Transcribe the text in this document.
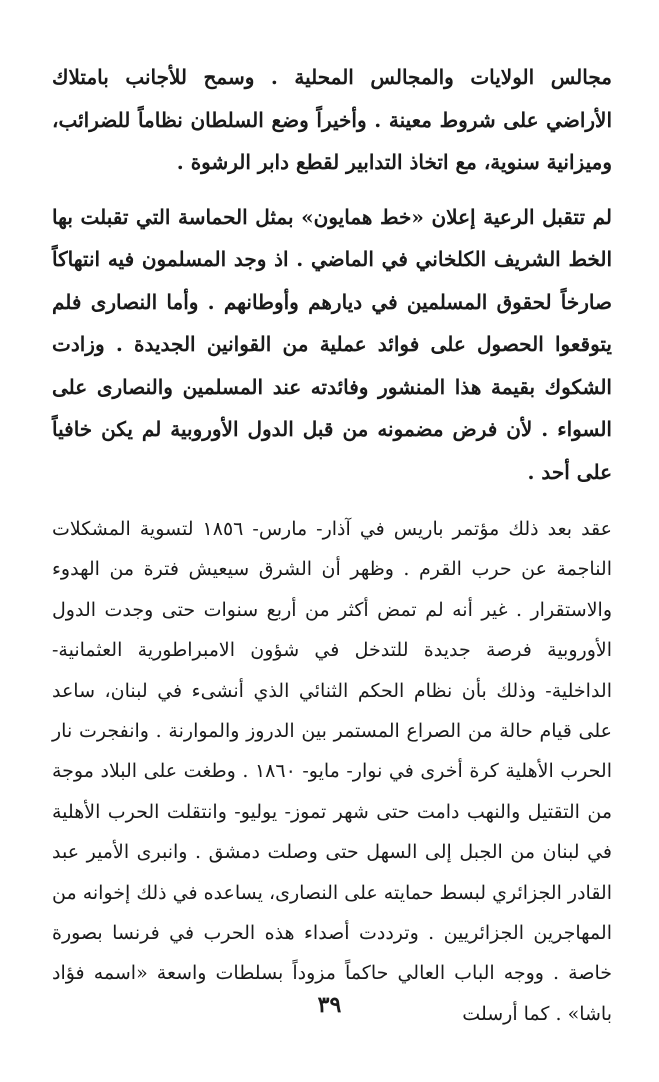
مجالس الولايات والمجالس المحلية . وسمح للأجانب بامتلاك الأراضي على شروط معينة . وأخيراً وضع السلطان نظاماً للضرائب، وميزانية سنوية، مع اتخاذ التدابير لقطع دابر الرشوة .

لم تتقبل الرعية إعلان «خط همايون» بمثل الحماسة التي تقبلت بها الخط الشريف الكلخاني في الماضي . اذ وجد المسلمون فيه انتهاكاً صارخاً لحقوق المسلمين في ديارهم وأوطانهم . وأما النصارى فلم يتوقعوا الحصول على فوائد عملية من القوانين الجديدة . وزادت الشكوك بقيمة هذا المنشور وفائدته عند المسلمين والنصارى على السواء . لأن فرض مضمونه من قبل الدول الأوروبية لم يكن خافياً على أحد .

عقد بعد ذلك مؤتمر باريس في آذار- مارس- ١٨٥٦ لتسوية المشكلات الناجمة عن حرب القرم . وظهر أن الشرق سيعيش فترة من الهدوء والاستقرار . غير أنه لم تمض أكثر من أربع سنوات حتى وجدت الدول الأوروبية فرصة جديدة للتدخل في شؤون الامبراطورية العثمانية- الداخلية- وذلك بأن نظام الحكم الثنائي الذي أنشىء في لبنان، ساعد على قيام حالة من الصراع المستمر بين الدروز والموارنة . وانفجرت نار الحرب الأهلية كرة أخرى في نوار- مايو- ١٨٦٠ . وطغت على البلاد موجة من التقتيل والنهب دامت حتى شهر تموز- يوليو- وانتقلت الحرب الأهلية في لبنان من الجبل إلى السهل حتى وصلت دمشق . وانبرى الأمير عبد القادر الجزائري لبسط حمايته على النصارى، يساعده في ذلك إخوانه من المهاجرين الجزائريين . وترددت أصداء هذه الحرب في فرنسا بصورة خاصة . ووجه الباب العالي حاكماً مزوداً بسلطات واسعة «اسمه فؤاد باشا» . كما أرسلت

٣٩
